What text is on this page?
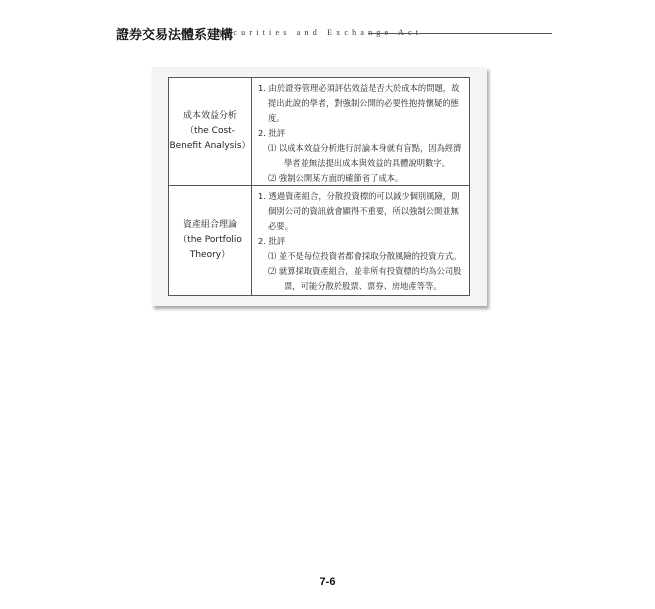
證券交易法體系建構
Securities and Exchange Act
成本效益分析
（the Cost-
Benefit Analysis）
1. 由於證券管理必須評估效益是否大於成本的問題，故
提出此說的學者，對強制公開的必要性抱持懷疑的態
度。
2. 批評
⑴ 以成本效益分析進行討論本身就有盲點，因為經濟
學者並無法提出成本與效益的具體說明數字。
⑵ 強制公開某方面的確節省了成本。
資產組合理論
（the Portfolio
Theory）
1. 透過資產組合，分散投資標的可以減少個別風險，則
個別公司的資訊就會顯得不重要，所以強制公開並無
必要。
2. 批評
⑴ 並不是每位投資者都會採取分散風險的投資方式。
⑵ 就算採取資產組合，並非所有投資標的均為公司股
票，可能分散於股票、票券、房地產等等。
7-6
